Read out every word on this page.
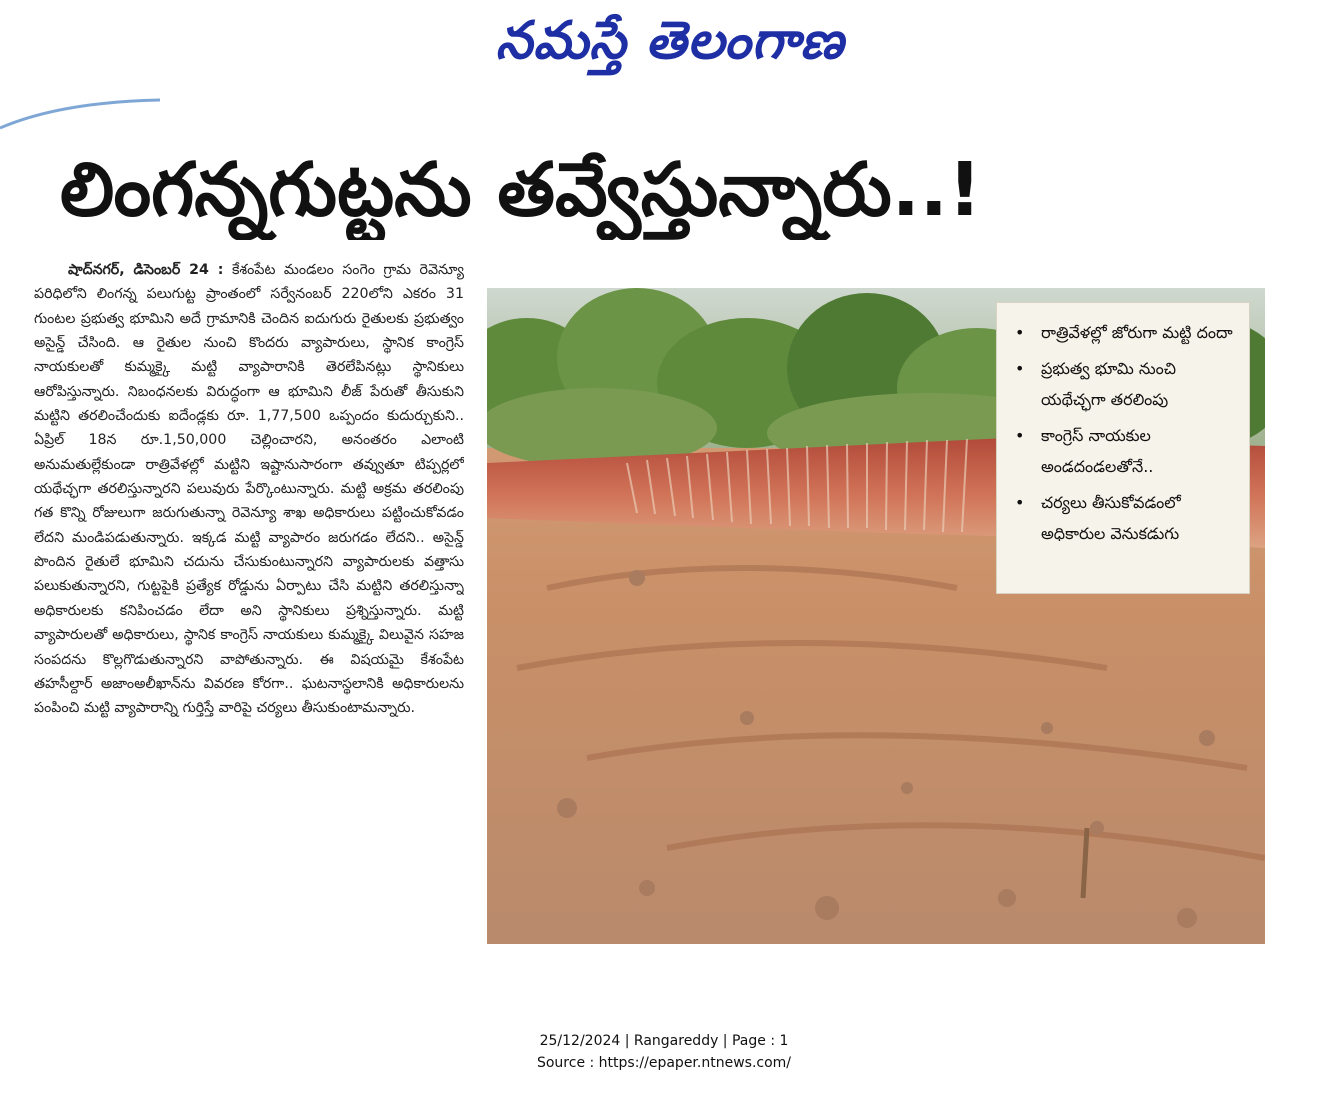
నమస్తే తెలంగాణ
లింగన్నగుట్టను తవ్వేస్తున్నారు..!
షాద్‌నగర్‌, డిసెంబర్‌ 24 : కేశంపేట మండలం సంగెం గ్రామ రెవెన్యూ పరిధిలోని లింగన్న పలుగుట్ట ప్రాంతంలో సర్వేనంబర్‌ 220లోని ఎకరం 31 గుంటల ప్రభుత్వ భూమిని అదే గ్రామానికి చెందిన ఐదుగురు రైతులకు ప్రభుత్వం అసైన్డ్‌ చేసింది. ఆ రైతుల నుంచి కొందరు వ్యాపారులు, స్థానిక కాంగ్రెస్‌ నాయకులతో కుమ్మక్కై మట్టి వ్యాపారానికి తెరలేపినట్లు స్థానికులు ఆరోపిస్తున్నారు. నిబంధనలకు విరుద్ధంగా ఆ భూమిని లీజ్‌ పేరుతో తీసుకుని మట్టిని తరలించేందుకు ఐదేండ్లకు రూ. 1,77,500 ఒప్పందం కుదుర్చుకుని.. ఏప్రిల్‌ 18న రూ.1,50,000 చెల్లించారని, అనంతరం ఎలాంటి అనుమతుల్లేకుండా రాత్రివేళల్లో మట్టిని ఇష్టానుసారంగా తవ్వుతూ టిప్పర్లలో యథేచ్ఛగా తరలిస్తున్నారని పలువురు పేర్కొంటున్నారు. మట్టి అక్రమ తరలింపు గత కొన్ని రోజులుగా జరుగుతున్నా రెవెన్యూ శాఖ అధికారులు పట్టించుకోవడం లేదని మండిపడుతున్నారు. ఇక్కడ మట్టి వ్యాపారం జరుగడం లేదని.. అసైన్డ్‌ పొందిన రైతులే భూమిని చదును చేసుకుంటున్నారని వ్యాపారులకు వత్తాసు పలుకుతున్నారని, గుట్టపైకి ప్రత్యేక రోడ్డును ఏర్పాటు చేసి మట్టిని తరలిస్తున్నా అధికారులకు కనిపించడం లేదా అని స్థానికులు ప్రశ్నిస్తున్నారు. మట్టి వ్యాపారులతో అధికారులు, స్థానిక కాంగ్రెస్‌ నాయకులు కుమ్మక్కై విలువైన సహజ సంపదను కొల్లగొడుతున్నారని వాపోతున్నారు. ఈ విషయమై కేశంపేట తహసీల్దార్‌ అజాంఅలీఖాన్‌ను వివరణ కోరగా.. ఘటనాస్థలానికి అధికారులను పంపించి మట్టి వ్యాపారాన్ని గుర్తిస్తే వారిపై చర్యలు తీసుకుంటామన్నారు.
• రాత్రివేళల్లో జోరుగా మట్టి దందా
• ప్రభుత్వ భూమి నుంచి యథేచ్ఛగా తరలింపు
• కాంగ్రెస్‌ నాయకుల అండదండలతోనే..
• చర్యలు తీసుకోవడంలో అధికారుల వెనుకడుగు
25/12/2024 | Rangareddy | Page : 1
Source : https://epaper.ntnews.com/
